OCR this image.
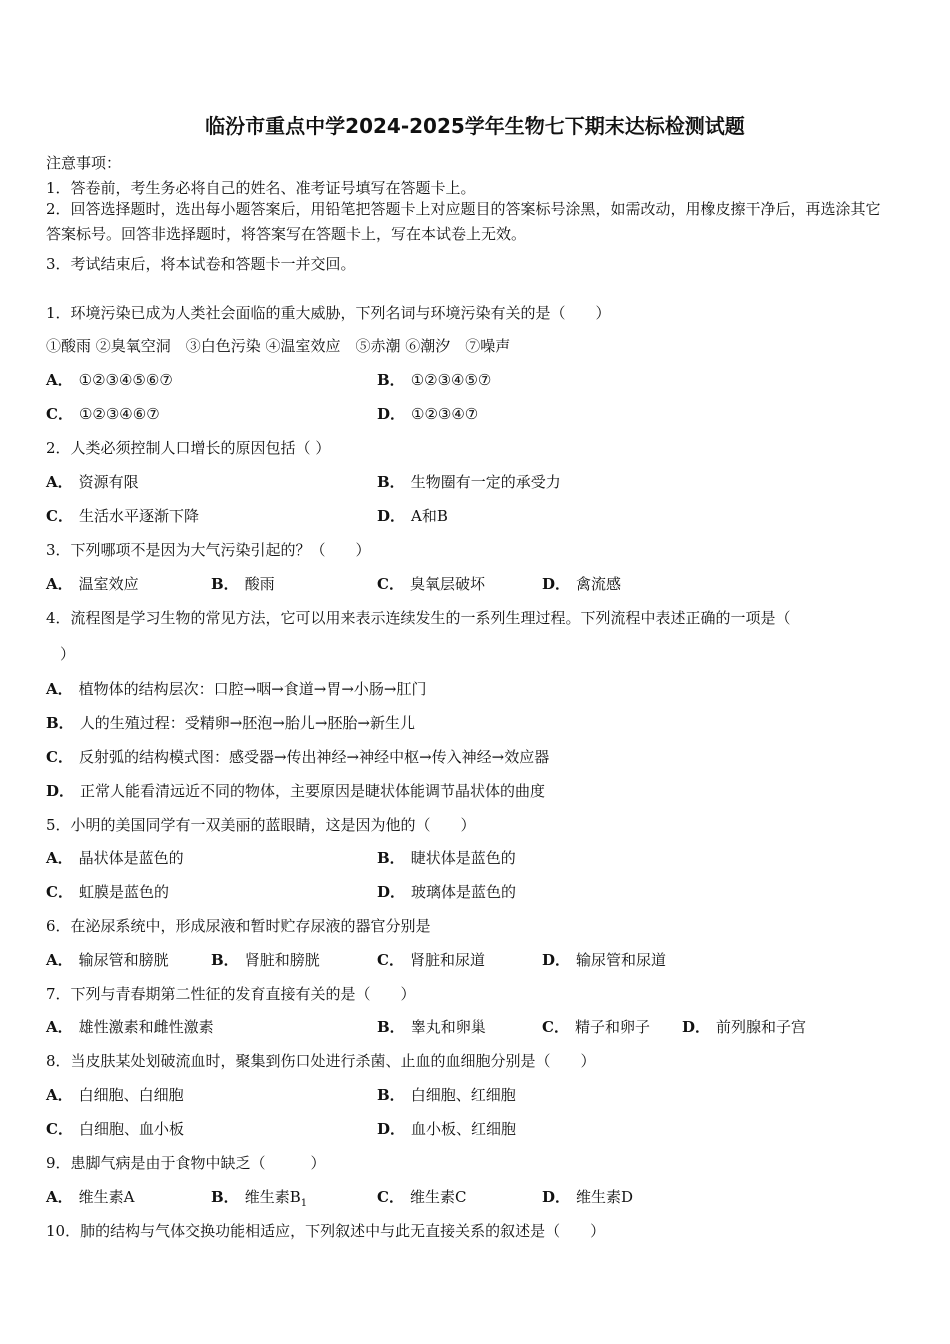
临汾市重点中学2024-2025学年生物七下期末达标检测试题
注意事项：
1．答卷前，考生务必将自己的姓名、准考证号填写在答题卡上。
2．回答选择题时，选出每小题答案后，用铅笔把答题卡上对应题目的答案标号涂黑，如需改动，用橡皮擦干净后，再选涂其它答案标号。回答非选择题时，将答案写在答题卡上，写在本试卷上无效。
3．考试结束后，将本试卷和答题卡一并交回。
1．环境污染已成为人类社会面临的重大威胁，下列名词与环境污染有关的是（　　）
①酸雨 ②臭氧空洞　③白色污染 ④温室效应　⑤赤潮 ⑥潮汐　⑦噪声
A． ①②③④⑤⑥⑦	B． ①②③④⑤⑦
C． ①②③④⑥⑦	D． ①②③④⑦
2．人类必须控制人口增长的原因包括（ ）
A． 资源有限	B． 生物圈有一定的承受力
C． 生活水平逐渐下降	D． A和B
3．下列哪项不是因为大气污染引起的？（　　）
A． 温室效应	B． 酸雨	C． 臭氧层破坏	D． 禽流感
4．流程图是学习生物的常见方法，它可以用来表示连续发生的一系列生理过程。下列流程中表述正确的一项是（
）
A． 植物体的结构层次：口腔→咽→食道→胃→小肠→肛门
B． 人的生殖过程：受精卵→胚泡→胎儿→胚胎→新生儿
C． 反射弧的结构模式图：感受器→传出神经→神经中枢→传入神经→效应器
D． 正常人能看清远近不同的物体，主要原因是睫状体能调节晶状体的曲度
5．小明的美国同学有一双美丽的蓝眼睛，这是因为他的（　　）
A． 晶状体是蓝色的	B． 睫状体是蓝色的
C． 虹膜是蓝色的	D． 玻璃体是蓝色的
6．在泌尿系统中，形成尿液和暂时贮存尿液的器官分别是
A． 输尿管和膀胱	B． 肾脏和膀胱	C． 肾脏和尿道	D． 输尿管和尿道
7．下列与青春期第二性征的发育直接有关的是（　　）
A． 雄性激素和雌性激素	B． 睾丸和卵巢	C． 精子和卵子 D． 前列腺和子宫
8．当皮肤某处划破流血时，聚集到伤口处进行杀菌、止血的血细胞分别是（　　）
A． 白细胞、白细胞	B． 白细胞、红细胞
C． 白细胞、血小板	D． 血小板、红细胞
9．患脚气病是由于食物中缺乏（　　　）
A． 维生素A	B． 维生素$B_1$	C． 维生素C	D． 维生素D
10．肺的结构与气体交换功能相适应，下列叙述中与此无直接关系的叙述是（　　）
